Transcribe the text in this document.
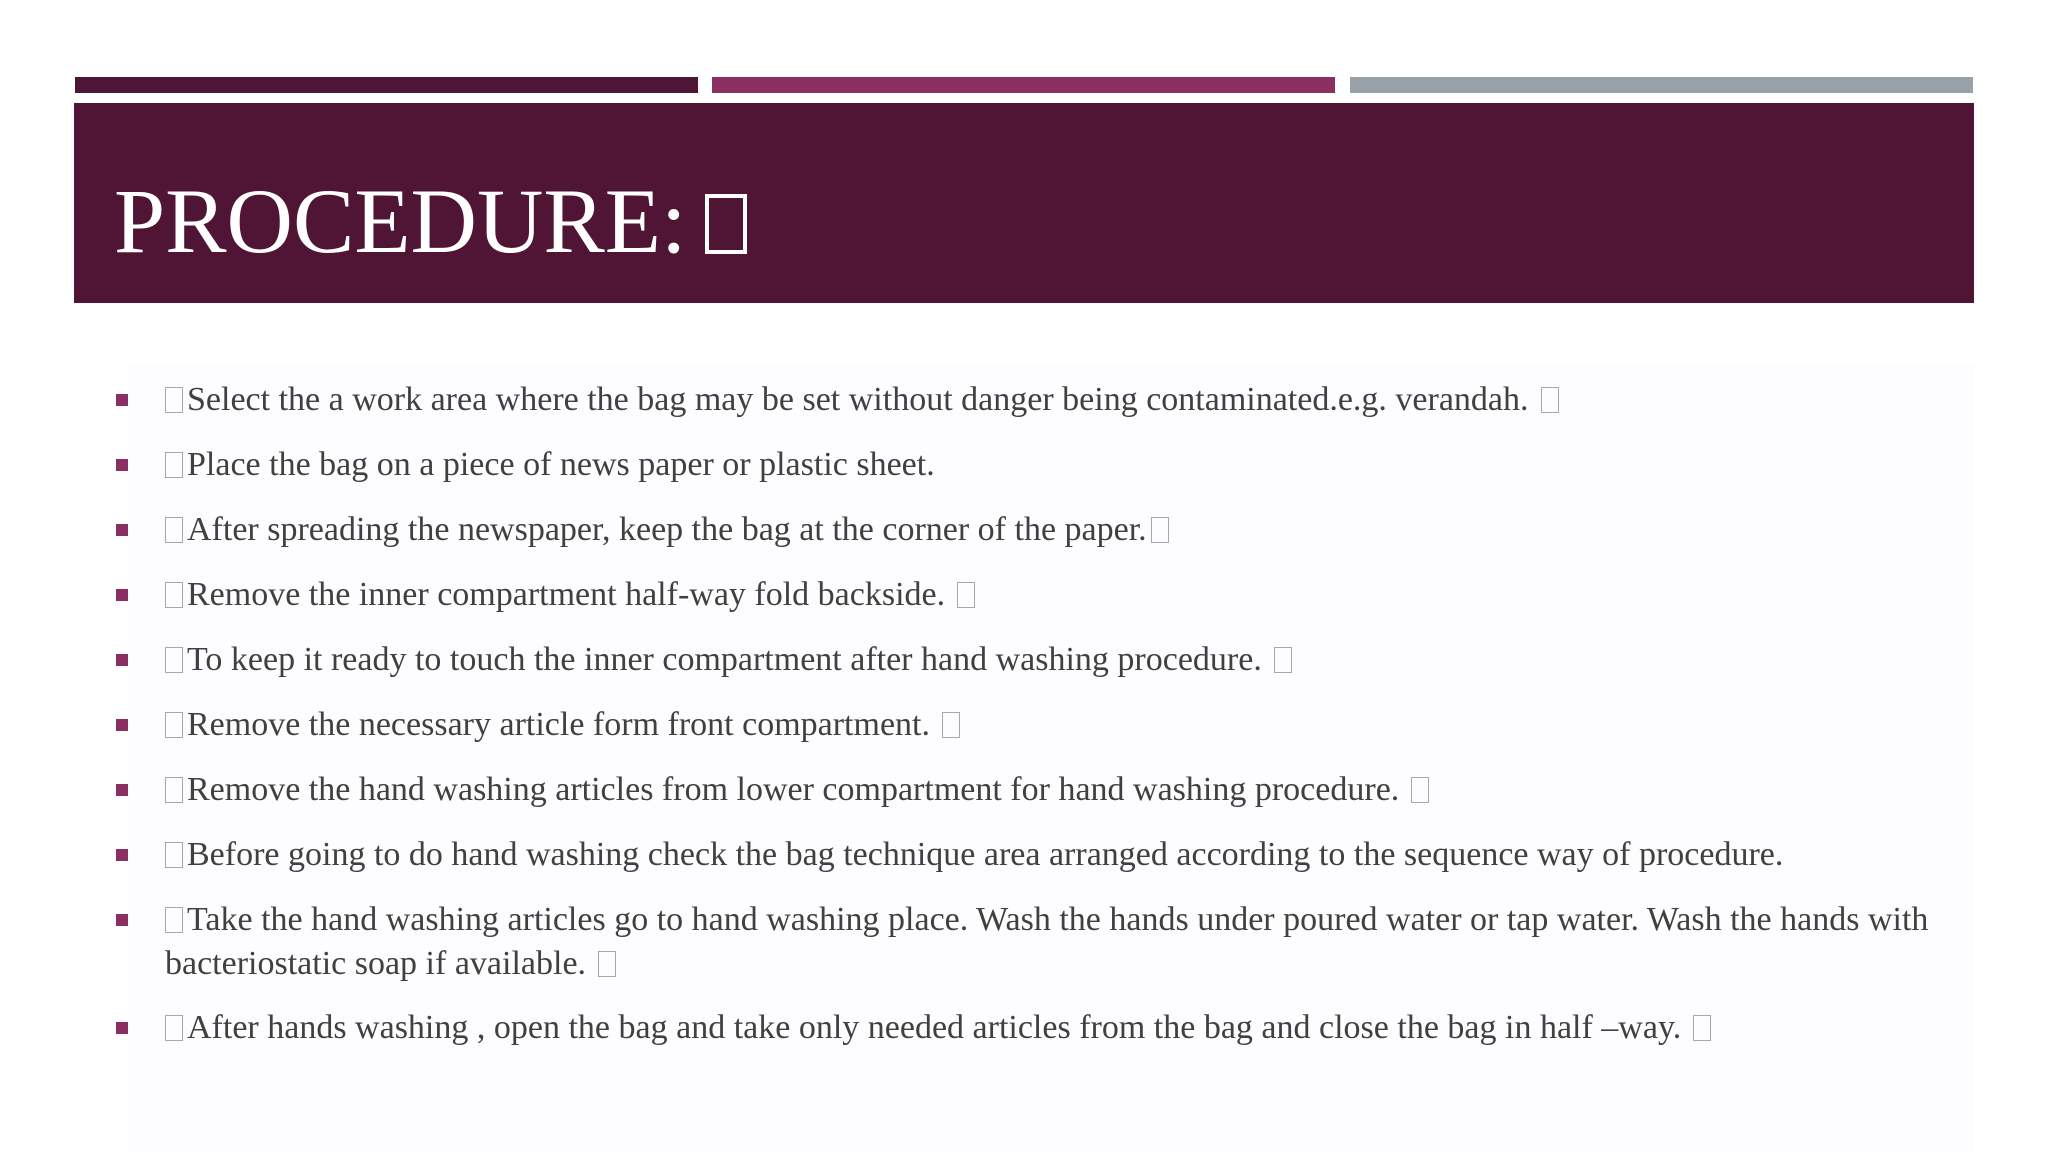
PROCEDURE:
Select the a work area where the bag may be set without danger being contaminated.e.g. verandah.
Place the bag on a piece of news paper or plastic sheet.
After spreading the newspaper, keep the bag at the corner of the paper.
Remove the inner compartment half-way fold backside.
To keep it ready to touch the inner compartment after hand washing procedure.
Remove the necessary article form front compartment.
Remove the hand washing articles from lower compartment for hand washing procedure.
Before going to do hand washing check the bag technique area arranged according to the sequence way of procedure.
Take the hand washing articles go to hand washing place. Wash the hands under poured water or tap water. Wash the hands with bacteriostatic soap if available.
After hands washing , open the bag and take only needed articles from the bag and close the bag in half –way.
